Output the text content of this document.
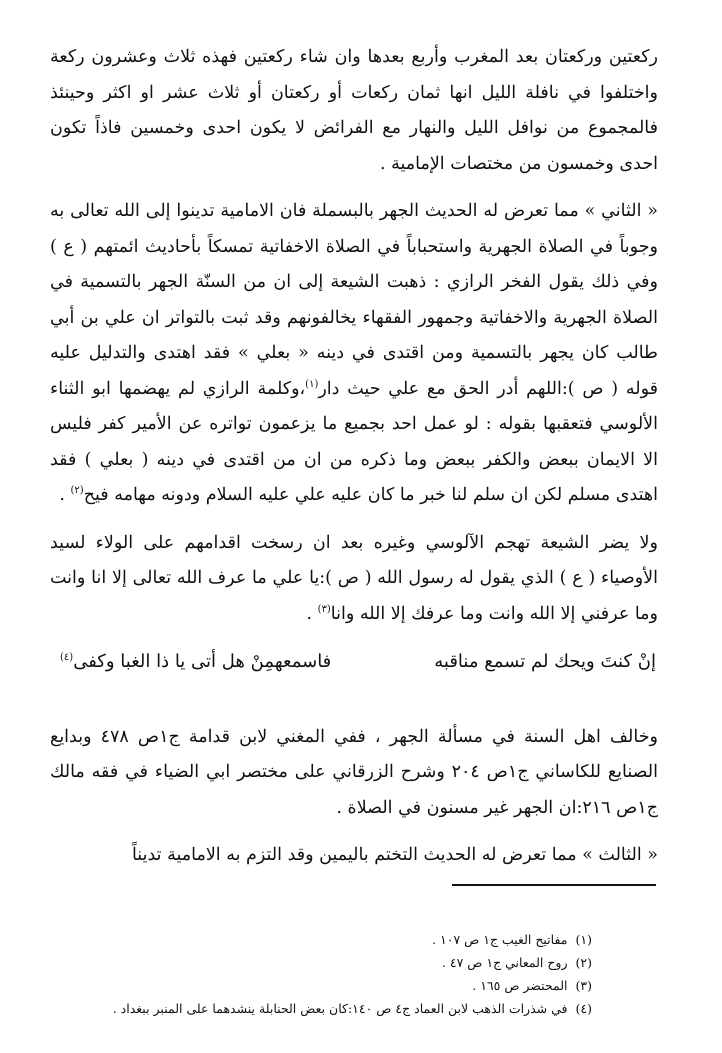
ركعتين وركعتان بعد المغرب وأربع بعدها وان شاء ركعتين فهذه ثلاث وعشرون ركعة واختلفوا في نافلة الليل انها ثمان ركعات أو ركعتان أو ثلاث عشر او اكثر وحينئذ فالمجموع من نوافل الليل والنهار مع الفرائض لا يكون احدى وخمسين فاذاً تكون احدى وخمسون من مختصات الإمامية .

« الثاني » مما تعرض له الحديث الجهر بالبسملة فان الامامية تدينوا إلى الله تعالى به وجوباً في الصلاة الجهرية واستحباباً في الصلاة الاخفاتية تمسكاً بأحاديث ائمتهم ( ع ) وفي ذلك يقول الفخر الرازي : ذهبت الشيعة إلى ان من السنّة الجهر بالتسمية في الصلاة الجهرية والاخفاتية وجمهور الفقهاء يخالفونهم وقد ثبت بالتواتر ان علي بن أبي طالب كان يجهر بالتسمية ومن اقتدى في دينه « بعلي » فقد اهتدى والتدليل عليه قوله ( ص ):اللهم أدر الحق مع علي حيث دار$^{(١)}$،وكلمة الرازي لم يهضمها ابو الثناء الألوسي فتعقبها بقوله : لو عمل احد بجميع ما يزعمون تواتره عن الأمير كفر فليس الا الايمان ببعض والكفر ببعض وما ذكره من ان من اقتدى في دينه ( بعلي ) فقد اهتدى مسلم لكن ان سلم لنا خبر ما كان عليه علي عليه السلام ودونه مهامه فيح$^{(٢)}$ .

ولا يضر الشيعة تهجم الآلوسي وغيره بعد ان رسخت اقدامهم على الولاء لسيد الأوصياء ( ع ) الذي يقول له رسول الله ( ص ):يا علي ما عرف الله تعالى إلا انا وانت وما عرفني إلا الله وانت وما عرفك إلا الله وانا$^{(٣)}$ .

إنْ كنتَ ويحك لم تسمع مناقبه
فاسمعهمِنْ هل أتى يا ذا الغبا وكفى$^{(٤)}$

وخالف اهل السنة في مسألة الجهر ، ففي المغني لابن قدامة ج١ص ٤٧٨ وبدايع الصنايع للكاساني ج١ص ٢٠٤ وشرح الزرقاني على مختصر ابي الضياء في فقه مالك ج١ص ٢١٦:ان الجهر غير مسنون في الصلاة .

« الثالث » مما تعرض له الحديث التختم باليمين وقد التزم به الامامية تديناً

(١)مفاتيح الغيب ج١ ص ١٠٧ .
(٢)روح المعاني ج١ ص ٤٧ .
(٣)المحتضر ص ١٦٥ .
(٤)في شذرات الذهب لابن العماد ج٤ ص ١٤٠:كان بعض الحنابلة ينشدهما على المنبر ببغداد .
